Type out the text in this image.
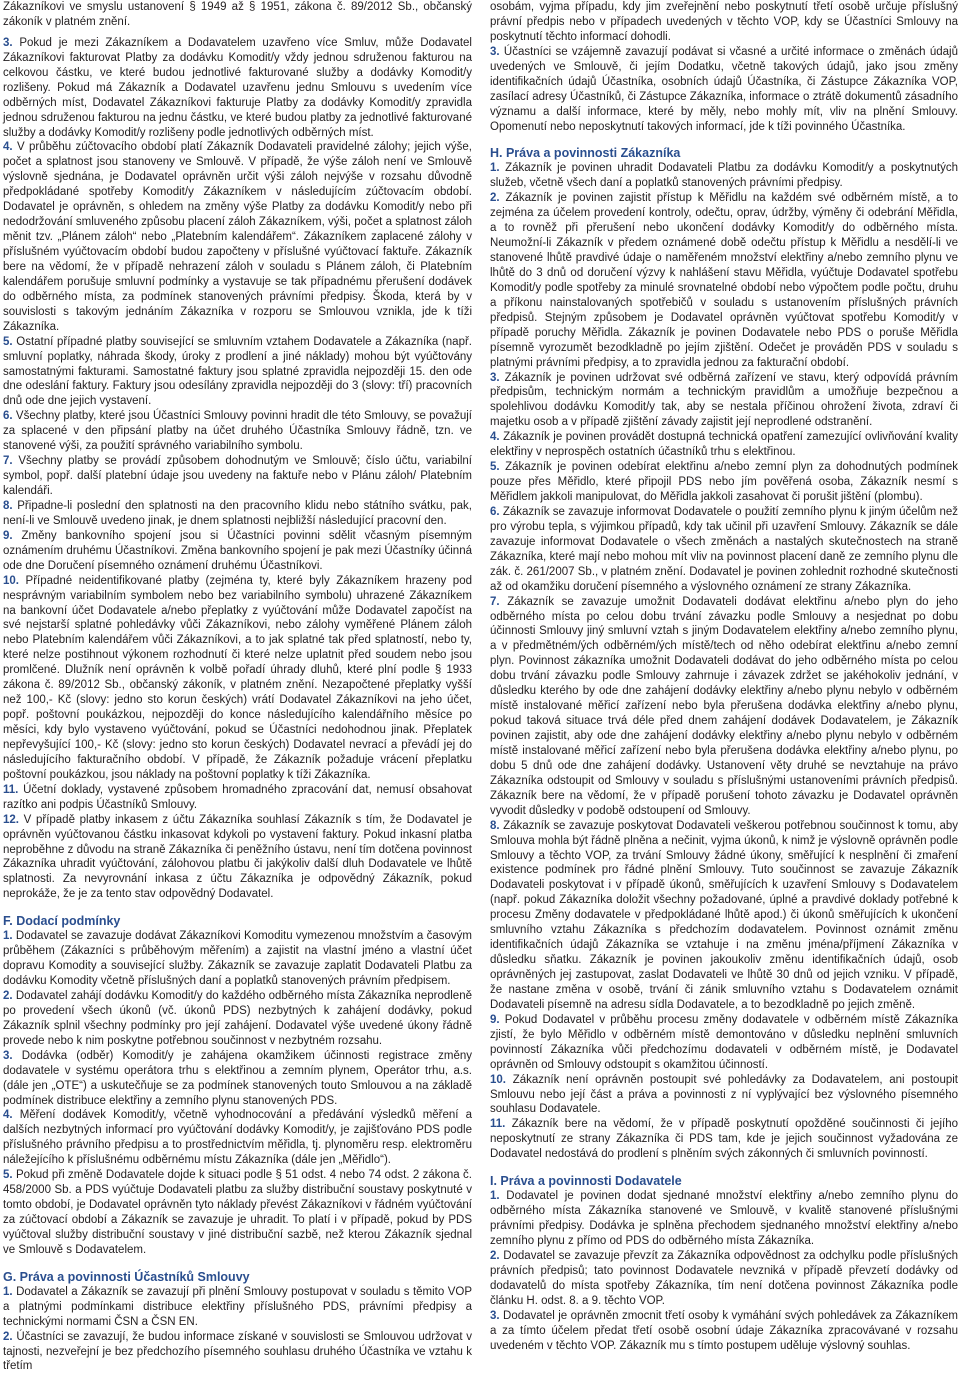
Zákazníkovi ve smyslu ustanovení § 1949 až § 1951, zákona č. 89/2012 Sb., občanský zákoník v platném znění.

3. Pokud je mezi Zákazníkem a Dodavatelem uzavřeno více Smluv, může Dodavatel Zákazníkovi fakturovat Platby za dodávku Komodit/y vždy jednou sdruženou fakturou na celkovou částku, ve které budou jednotlivé fakturované služby a dodávky Komodit/y rozlišeny. Pokud má Zákazník a Dodavatel uzavřenu jednu Smlouvu s uvedením více odběrných míst, Dodavatel Zákazníkovi fakturuje Platby za dodávky Komodit/y zpravidla jednou sdruženou fakturou na jednu částku, ve které budou platby za jednotlivé fakturované služby a dodávky Komodit/y rozlišeny podle jednotlivých odběrných míst.

4. V průběhu zúčtovacího období platí Zákazník Dodavateli pravidelné zálohy; jejich výše, počet a splatnost jsou stanoveny ve Smlouvě. V případě, že výše záloh není ve Smlouvě výslovně sjednána, je Dodavatel oprávněn určit výši záloh nejvýše v rozsahu důvodně předpokládané spotřeby Komodit/y Zákazníkem v následujícím zúčtovacím období. Dodavatel je oprávněn, s ohledem na změny výše Platby za dodávku Komodit/y nebo při nedodržování smluveného způsobu placení záloh Zákazníkem, výši, počet a splatnost záloh měnit tzv. „Plánem záloh“ nebo „Platebním kalendářem“. Zákazníkem zaplacené zálohy v příslušném vyúčtovacím období budou započteny v příslušné vyúčtovací faktuře. Zákazník bere na vědomí, že v případě nehrazení záloh v souladu s Plánem záloh, či Platebním kalendářem porušuje smluvní podmínky a vystavuje se tak případnému přerušení dodávek do odběrného místa, za podmínek stanovených právními předpisy. Škoda, která by v souvislosti s takovým jednáním Zákazníka v rozporu se Smlouvou vznikla, jde k tíži Zákazníka.

5. Ostatní případné platby související se smluvním vztahem Dodavatele a Zákazníka (např. smluvní poplatky, náhrada škody, úroky z prodlení a jiné náklady) mohou být vyúčtovány samostatnými fakturami. Samostatné faktury jsou splatné zpravidla nejpozději 15. den ode dne odeslání faktury. Faktury jsou odesílány zpravidla nejpozději do 3 (slovy: tří) pracovních dnů ode dne jejich vystavení.

6. Všechny platby, které jsou Účastníci Smlouvy povinni hradit dle této Smlouvy, se považují za splacené v den připsání platby na účet druhého Účastníka Smlouvy řádně, tzn. ve stanovené výši, za použití správného variabilního symbolu.

7. Všechny platby se provádí způsobem dohodnutým ve Smlouvě; číslo účtu, variabilní symbol, popř. další platební údaje jsou uvedeny na faktuře nebo v Plánu záloh/ Platebním kalendáři.

8. Připadne-li poslední den splatnosti na den pracovního klidu nebo státního svátku, pak, není-li ve Smlouvě uvedeno jinak, je dnem splatnosti nejbližší následující pracovní den.

9. Změny bankovního spojení jsou si Účastníci povinni sdělit včasným písemným oznámením druhému Účastníkovi. Změna bankovního spojení je pak mezi Účastníky účinná ode dne Doručení písemného oznámení druhému Účastníkovi.

10. Případné neidentifikované platby (zejména ty, které byly Zákazníkem hrazeny pod nesprávným variabilním symbolem nebo bez variabilního symbolu) uhrazené Zákazníkem na bankovní účet Dodavatele a/nebo přeplatky z vyúčtování může Dodavatel započíst na své nejstarší splatné pohledávky vůči Zákazníkovi, nebo zálohy vyměřené Plánem záloh nebo Platebním kalendářem vůči Zákazníkovi, a to jak splatné tak před splatností, nebo ty, které nelze postihnout výkonem rozhodnutí či které nelze uplatnit před soudem nebo jsou promlčené. Dlužník není oprávněn k volbě pořadí úhrady dluhů, které plní podle § 1933 zákona č. 89/2012 Sb., občanský zákoník, v platném znění. Nezapočtené přeplatky vyšší než 100,- Kč (slovy: jedno sto korun českých) vrátí Dodavatel Zákazníkovi na jeho účet, popř. poštovní poukázkou, nejpozději do konce následujícího kalendářního měsíce po měsíci, kdy bylo vystaveno vyúčtování, pokud se Účastníci nedohodnou jinak. Přeplatek nepřevyšující 100,- Kč (slovy: jedno sto korun českých) Dodavatel nevrací a převádí jej do následujícího fakturačního období. V případě, že Zákazník požaduje vrácení přeplatku poštovní poukázkou, jsou náklady na poštovní poplatky k tíži Zákazníka.

11. Účetní doklady, vystavené způsobem hromadného zpracování dat, nemusí obsahovat razítko ani podpis Účastníků Smlouvy.

12. V případě platby inkasem z účtu Zákazníka souhlasí Zákazník s tím, že Dodavatel je oprávněn vyúčtovanou částku inkasovat kdykoli po vystavení faktury. Pokud inkasní platba neproběhne z důvodu na straně Zákazníka či peněžního ústavu, není tím dotčena povinnost Zákazníka uhradit vyúčtování, zálohovou platbu či jakýkoliv další dluh Dodavatele ve lhůtě splatnosti. Za nevyrovnání inkasa z účtu Zákazníka je odpovědný Zákazník, pokud neprokáže, že je za tento stav odpovědný Dodavatel.

F. Dodací podmínky

1. Dodavatel se zavazuje dodávat Zákazníkovi Komoditu vymezenou množstvím a časovým průběhem (Zákazníci s průběhovým měřením) a zajistit na vlastní jméno a vlastní účet dopravu Komodity a související služby. Zákazník se zavazuje zaplatit Dodavateli Platbu za dodávku Komodity včetně příslušných daní a poplatků stanovených právním předpisem.

2. Dodavatel zahájí dodávku Komodit/y do každého odběrného místa Zákazníka neprodleně po provedení všech úkonů (vč. úkonů PDS) nezbytných k zahájení dodávky, pokud Zákazník splnil všechny podmínky pro její zahájení. Dodavatel výše uvedené úkony řádně provede nebo k nim poskytne potřebnou součinnost v nezbytném rozsahu.

3. Dodávka (odběr) Komodit/y je zahájena okamžikem účinnosti registrace změny dodavatele v systému operátora trhu s elektřinou a zemním plynem, Operátor trhu, a.s. (dále jen „OTE“) a uskutečňuje se za podmínek stanovených touto Smlouvou a na základě podmínek distribuce elektřiny a zemního plynu stanovených PDS.

4. Měření dodávek Komodit/y, včetně vyhodnocování a předávání výsledků měření a dalších nezbytných informací pro vyúčtování dodávky Komodit/y, je zajišťováno PDS podle příslušného právního předpisu a to prostřednictvím měřidla, tj. plynoměru resp. elektroměru náležejícího k příslušnému odběrnému místu Zákazníka (dále jen „Měřidlo“).

5. Pokud při změně Dodavatele dojde k situaci podle § 51 odst. 4 nebo 74 odst. 2 zákona č. 458/2000 Sb. a PDS vyúčtuje Dodavateli platbu za služby distribuční soustavy poskytnuté v tomto období, je Dodavatel oprávněn tyto náklady převést Zákazníkovi v řádném vyúčtování za zúčtovací období a Zákazník se zavazuje je uhradit. To platí i v případě, pokud by PDS vyúčtoval služby distribuční soustavy v jiné distribuční sazbě, než kterou Zákazník sjednal ve Smlouvě s Dodavatelem.

G. Práva a povinnosti Účastníků Smlouvy

1. Dodavatel a Zákazník se zavazují při plnění Smlouvy postupovat v souladu s těmito VOP a platnými podmínkami distribuce elektřiny příslušného PDS, právními předpisy a technickými normami ČSN a ČSN EN.

2. Účastníci se zavazují, že budou informace získané v souvislosti se Smlouvou udržovat v tajnosti, nezveřejní je bez předchozího písemného souhlasu druhého Účastníka ve vztahu k třetím

osobám, vyjma případu, kdy jim zveřejnění nebo poskytnutí třetí osobě určuje příslušný právní předpis nebo v případech uvedených v těchto VOP, kdy se Účastníci Smlouvy na poskytnutí těchto informací dohodli.

3. Účastníci se vzájemně zavazují podávat si včasné a určité informace o změnách údajů uvedených ve Smlouvě, či jejím Dodatku, včetně takových údajů, jako jsou změny identifikačních údajů Účastníka, osobních údajů Účastníka, či Zástupce Zákazníka VOP, zasílací adresy Účastníků, či Zástupce Zákazníka, informace o ztrátě dokumentů zásadního významu a další informace, které by měly, nebo mohly mít, vliv na plnění Smlouvy. Opomenutí nebo neposkytnutí takových informací, jde k tíži povinného Účastníka.

H. Práva a povinnosti Zákazníka

1. Zákazník je povinen uhradit Dodavateli Platbu za dodávku Komodit/y a poskytnutých služeb, včetně všech daní a poplatků stanovených právními předpisy.

2. Zákazník je povinen zajistit přístup k Měřidlu na každém své odběrném místě, a to zejména za účelem provedení kontroly, odečtu, oprav, údržby, výměny či odebrání Měřidla, a to rovněž při přerušení nebo ukončení dodávky Komodit/y do odběrného místa. Neumožní-li Zákazník v předem oznámené době odečtu přístup k Měřidlu a nesdělí-li ve stanovené lhůtě pravdivé údaje o naměřeném množství elektřiny a/nebo zemního plynu ve lhůtě do 3 dnů od doručení výzvy k nahlášení stavu Měřidla, vyúčtuje Dodavatel spotřebu Komodit/y podle spotřeby za minulé srovnatelné období nebo výpočtem podle počtu, druhu a příkonu nainstalovaných spotřebičů v souladu s ustanovením příslušných právních předpisů. Stejným způsobem je Dodavatel oprávněn vyúčtovat spotřebu Komodit/y v případě poruchy Měřidla. Zákazník je povinen Dodavatele nebo PDS o poruše Měřidla písemně vyrozumět bezodkladně po jejím zjištění. Odečet je prováděn PDS v souladu s platnými právními předpisy, a to zpravidla jednou za fakturační období.

3. Zákazník je povinen udržovat své odběrná zařízení ve stavu, který odpovídá právním předpisům, technickým normám a technickým pravidlům a umožňuje bezpečnou a spolehlivou dodávku Komodit/y tak, aby se nestala příčinou ohrožení života, zdraví či majetku osob a v případě zjištění závady zajistit její neprodlené odstranění.

4. Zákazník je povinen provádět dostupná technická opatření zamezující ovlivňování kvality elektřiny v neprospěch ostatních účastníků trhu s elektřinou.

5. Zákazník je povinen odebírat elektřinu a/nebo zemní plyn za dohodnutých podmínek pouze přes Měřidlo, které připojil PDS nebo jím pověřená osoba, Zákazník nesmí s Měřidlem jakkoli manipulovat, do Měřidla jakkoli zasahovat či porušit jištění (plombu).

6. Zákazník se zavazuje informovat Dodavatele o použití zemního plynu k jiným účelům než pro výrobu tepla, s výjimkou případů, kdy tak učinil při uzavření Smlouvy. Zákazník se dále zavazuje informovat Dodavatele o všech změnách a nastalých skutečnostech na straně Zákazníka, které mají nebo mohou mít vliv na povinnost placení daně ze zemního plynu dle zák. č. 261/2007 Sb., v platném znění. Dodavatel je povinen zohlednit rozhodné skutečnosti až od okamžiku doručení písemného a výslovného oznámení ze strany Zákazníka.

7. Zákazník se zavazuje umožnit Dodavateli dodávat elektřinu a/nebo plyn do jeho odběrného místa po celou dobu trvání závazku podle Smlouvy a nesjednat po dobu účinnosti Smlouvy jiný smluvní vztah s jiným Dodavatelem elektřiny a/nebo zemního plynu, a v předmětném/ých odběrném/ých místě/tech od něho odebírat elektřinu a/nebo zemní plyn. Povinnost zákazníka umožnit Dodavateli dodávat do jeho odběrného místa po celou dobu trvání závazku podle Smlouvy zahrnuje i závazek zdržet se jakéhokoliv jednání, v důsledku kterého by ode dne zahájení dodávky elektřiny a/nebo plynu nebylo v odběrném místě instalované měřicí zařízení nebo byla přerušena dodávka elektřiny a/nebo plynu, pokud taková situace trvá déle před dnem zahájení dodávek Dodavatelem, je Zákazník povinen zajistit, aby ode dne zahájení dodávky elektřiny a/nebo plynu nebylo v odběrném místě instalované měřicí zařízení nebo byla přerušena dodávka elektřiny a/nebo plynu, po dobu 5 dnů ode dne zahájení dodávky. Ustanovení věty druhé se nevztahuje na právo Zákazníka odstoupit od Smlouvy v souladu s příslušnými ustanoveními právních předpisů. Zákazník bere na vědomí, že v případě porušení tohoto závazku je Dodavatel oprávněn vyvodit důsledky v podobě odstoupení od Smlouvy.

8. Zákazník se zavazuje poskytovat Dodavateli veškerou potřebnou součinnost k tomu, aby Smlouva mohla být řádně plněna a nečinit, vyjma úkonů, k nimž je výslovně oprávněn podle Smlouvy a těchto VOP, za trvání Smlouvy žádné úkony, směřující k nesplnění či zmaření existence podmínek pro řádné plnění Smlouvy. Tuto součinnost se zavazuje Zákazník Dodavateli poskytovat i v případě úkonů, směřujících k uzavření Smlouvy s Dodavatelem (např. pokud Zákazníka doložit všechny požadované, úplné a pravdivé doklady potřebné k procesu Změny dodavatele v předpokládané lhůtě apod.) či úkonů směřujících k ukončení smluvního vztahu Zákazníka s předchozím dodavatelem. Povinnost oznámit změnu identifikačních údajů Zákazníka se vztahuje i na změnu jména/příjmení Zákazníka v důsledku sňatku. Zákazník je povinen jakoukoliv změnu identifikačních údajů, osob oprávněných jej zastupovat, zaslat Dodavateli ve lhůtě 30 dnů od jejich vzniku. V případě, že nastane změna v osobě, trvání či zánik smluvního vztahu s Dodavatelem oznámit Dodavateli písemně na adresu sídla Dodavatele, a to bezodkladně po jejich změně.

9. Pokud Dodavatel v průběhu procesu změny dodavatele v odběrném místě Zákazníka zjistí, že bylo Měřidlo v odběrném místě demontováno v důsledku neplnění smluvních povinností Zákazníka vůči předchozímu dodavateli v odběrném místě, je Dodavatel oprávněn od Smlouvy odstoupit s okamžitou účinností.

10. Zákazník není oprávněn postoupit své pohledávky za Dodavatelem, ani postoupit Smlouvu nebo její část a práva a povinnosti z ní vyplývající bez výslovného písemného souhlasu Dodavatele.

11. Zákazník bere na vědomí, že v případě poskytnutí opožděné součinnosti či jejího neposkytnutí ze strany Zákazníka či PDS tam, kde je jejich součinnost vyžadována ze Dodavatel nedostává do prodlení s plněním svých zákonných či smluvních povinností.

I. Práva a povinnosti Dodavatele

1. Dodavatel je povinen dodat sjednané množství elektřiny a/nebo zemního plynu do odběrného místa Zákazníka stanovené ve Smlouvě, v kvalitě stanovené příslušnými právními předpisy. Dodávka je splněna přechodem sjednaného množství elektřiny a/nebo zemního plynu z přímo od PDS do odběrného místa Zákazníka.

2. Dodavatel se zavazuje převzít za Zákazníka odpovědnost za odchylku podle příslušných právních předpisů; tato povinnost Dodavatele nevzniká v případě převzetí dodávky od dodavatelů do místa spotřeby Zákazníka, tím není dotčena povinnost Zákazníka podle článku H. odst. 8. a 9. těchto VOP.

3. Dodavatel je oprávněn zmocnit třetí osoby k vymáhání svých pohledávek za Zákazníkem a za tímto účelem předat třetí osobě osobní údaje Zákazníka zpracovávané v rozsahu uvedeném v těchto VOP. Zákazník mu s tímto postupem uděluje výslovný souhlas.
